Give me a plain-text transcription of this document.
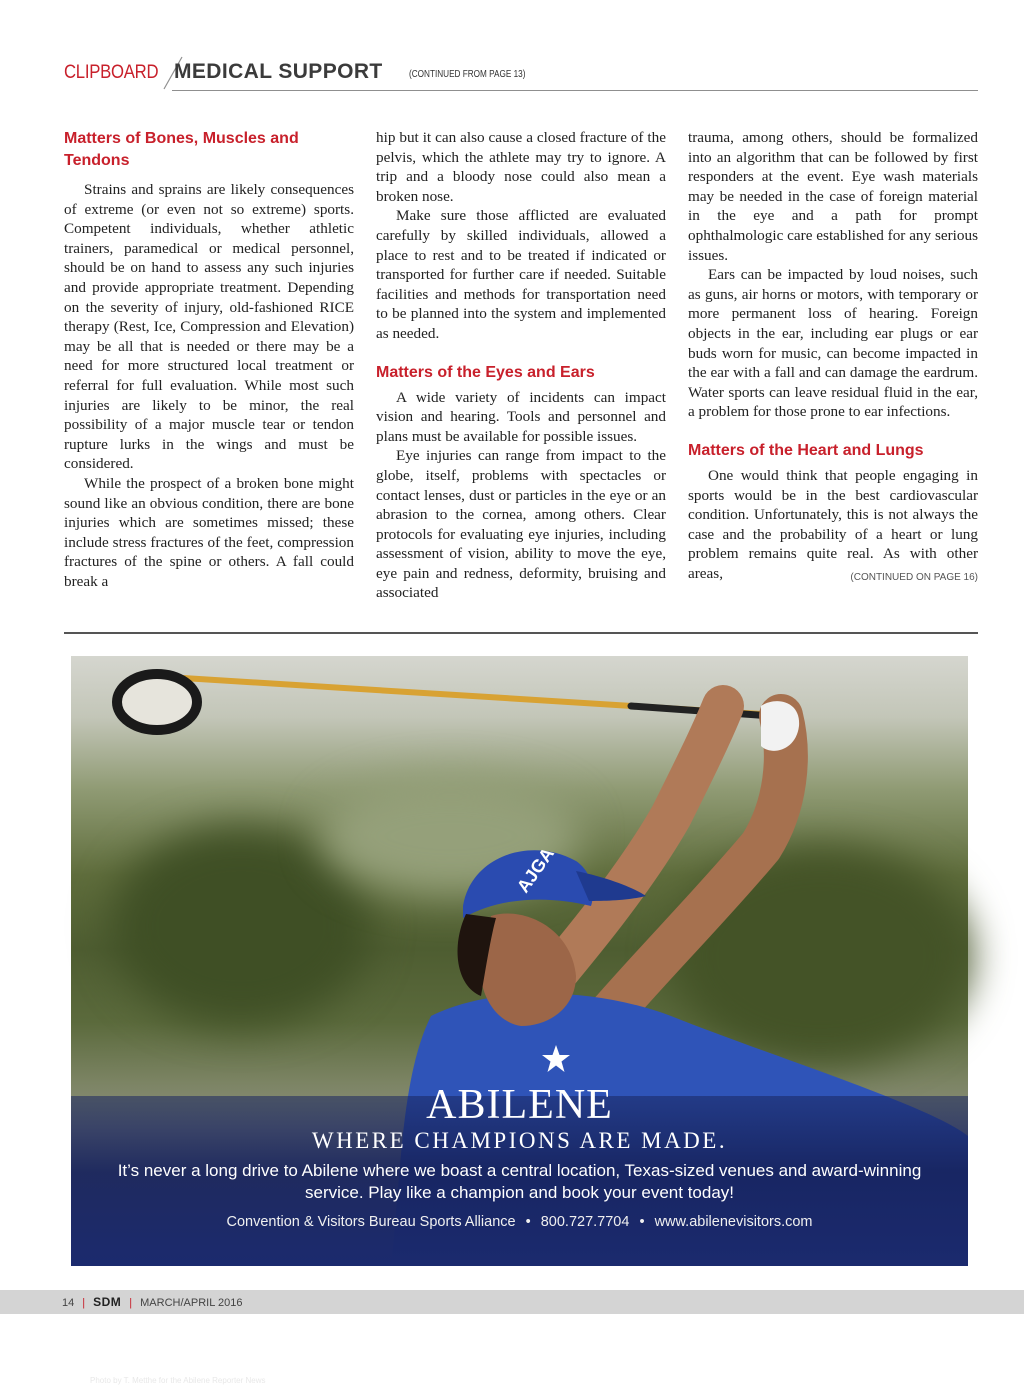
CLIPBOARD MEDICAL SUPPORT	(CONTINUED FROM PAGE 13)
Matters of Bones, Muscles and Tendons

Strains and sprains are likely consequences of extreme (or even not so extreme) sports. Competent individuals, whether athletic trainers, paramedical or medical personnel, should be on hand to assess any such injuries and provide appropriate treatment. Depending on the severity of injury, old-fashioned RICE therapy (Rest, Ice, Compression and Elevation) may be all that is needed or there may be a need for more structured local treatment or referral for full evaluation. While most such injuries are likely to be minor, the real possibility of a major muscle tear or tendon rupture lurks in the wings and must be considered.

While the prospect of a broken bone might sound like an obvious condition, there are bone injuries which are sometimes missed; these include stress fractures of the feet, compression fractures of the spine or others. A fall could break a

hip but it can also cause a closed fracture of the pelvis, which the athlete may try to ignore. A trip and a bloody nose could also mean a broken nose.

Make sure those afflicted are evaluated carefully by skilled individuals, allowed a place to rest and to be treated if indicated or transported for further care if needed. Suitable facilities and methods for transportation need to be planned into the system and implemented as needed.

Matters of the Eyes and Ears

A wide variety of incidents can impact vision and hearing. Tools and personnel and plans must be available for possible issues.

Eye injuries can range from impact to the globe, itself, problems with spectacles or contact lenses, dust or particles in the eye or an abrasion to the cornea, among others. Clear protocols for evaluating eye injuries, including assessment of vision, ability to move the eye, eye pain and redness, deformity, bruising and associated

trauma, among others, should be formalized into an algorithm that can be followed by first responders at the event. Eye wash materials may be needed in the case of foreign material in the eye and a path for prompt ophthalmologic care established for any serious issues.

Ears can be impacted by loud noises, such as guns, air horns or motors, with temporary or more permanent loss of hearing. Foreign objects in the ear, including ear plugs or ear buds worn for music, can become impacted in the ear with a fall and can damage the eardrum. Water sports can leave residual fluid in the ear, a problem for those prone to ear infections.

Matters of the Heart and Lungs

One would think that people engaging in sports would be in the best cardiovascular condition. Unfortunately, this is not always the case and the probability of a heart or lung problem remains quite real. As with other areas,	(CONTINUED ON PAGE 16)

AJGA
Photo by T. Metthe for the Abilene Reporter News
ABILENE
WHERE CHAMPIONS ARE MADE.
It’s never a long drive to Abilene where we boast a central location, Texas-sized venues and award-winning service. Play like a champion and book your event today!
Convention & Visitors Bureau Sports Alliance • 800.727.7704 • www.abilenevisitors.com
14 | SDM | MARCH/APRIL 2016
